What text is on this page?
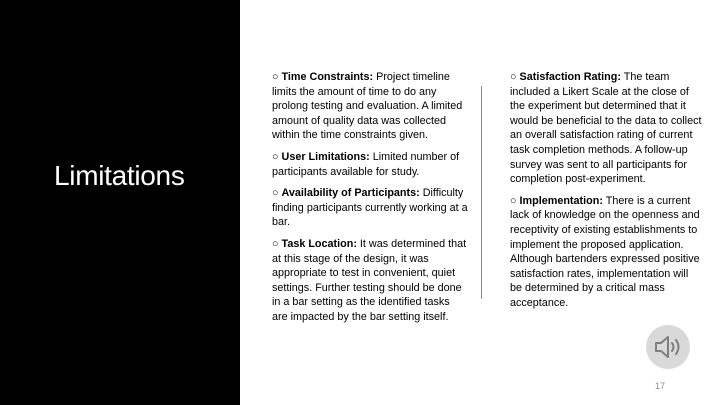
Limitations

○ Time Constraints: Project timeline limits the amount of time to do any prolong testing and evaluation. A limited amount of quality data was collected within the time constraints given.

○ User Limitations: Limited number of participants available for study.

○ Availability of Participants: Difficulty finding participants currently working at a bar.

○ Task Location: It was determined that at this stage of the design, it was appropriate to test in convenient, quiet settings. Further testing should be done in a bar setting as the identified tasks are impacted by the bar setting itself.

○ Satisfaction Rating: The team included a Likert Scale at the close of the experiment but determined that it would be beneficial to the data to collect an overall satisfaction rating of current task completion methods. A follow-up survey was sent to all participants for completion post-experiment.

○ Implementation: There is a current lack of knowledge on the openness and receptivity of existing establishments to implement the proposed application. Although bartenders expressed positive satisfaction rates, implementation will be determined by a critical mass acceptance.

17
